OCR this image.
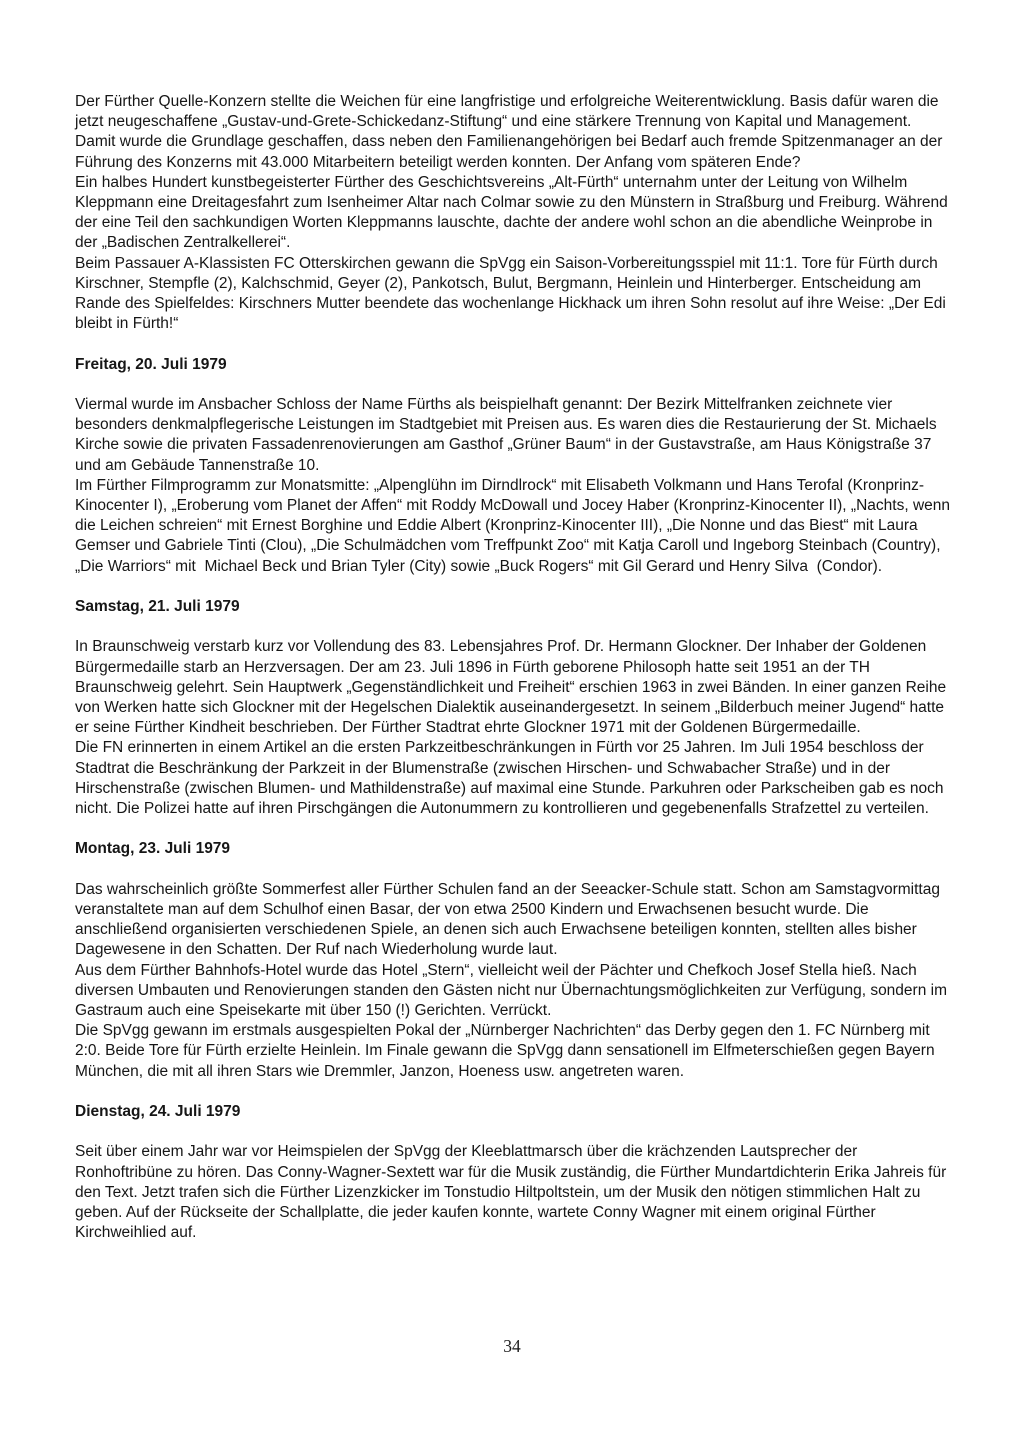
Der Fürther Quelle-Konzern stellte die Weichen für eine langfristige und erfolgreiche Weiterentwicklung. Basis dafür waren die jetzt neugeschaffene „Gustav-und-Grete-Schickedanz-Stiftung“ und eine stärkere Trennung von Kapital und Management. Damit wurde die Grundlage geschaffen, dass neben den Familienangehörigen bei Bedarf auch fremde Spitzenmanager an der Führung des Konzerns mit 43.000 Mitarbeitern beteiligt werden konnten. Der Anfang vom späteren Ende?

Ein halbes Hundert kunstbegeisterter Fürther des Geschichtsvereins „Alt-Fürth“ unternahm unter der Leitung von Wilhelm Kleppmann eine Dreitagesfahrt zum Isenheimer Altar nach Colmar sowie zu den Münstern in Straßburg und Freiburg. Während der eine Teil den sachkundigen Worten Kleppmanns lauschte, dachte der andere wohl schon an die abendliche Weinprobe in der „Badischen Zentralkellerei“.

Beim Passauer A-Klassisten FC Otterskirchen gewann die SpVgg ein Saison-Vorbereitungsspiel mit 11:1. Tore für Fürth durch Kirschner, Stempfle (2), Kalchschmid, Geyer (2), Pankotsch, Bulut, Bergmann, Heinlein und Hinterberger. Entscheidung am Rande des Spielfeldes: Kirschners Mutter beendete das wochenlange Hickhack um ihren Sohn resolut auf ihre Weise: „Der Edi bleibt in Fürth!“

Freitag, 20. Juli 1979

Viermal wurde im Ansbacher Schloss der Name Fürths als beispielhaft genannt: Der Bezirk Mittelfranken zeichnete vier besonders denkmalpflegerische Leistungen im Stadtgebiet mit Preisen aus. Es waren dies die Restaurierung der St. Michaels Kirche sowie die privaten Fassadenrenovierungen am Gasthof „Grüner Baum“ in der Gustavstraße, am Haus Königstraße 37 und am Gebäude Tannenstraße 10.

Im Fürther Filmprogramm zur Monatsmitte: „Alpenglühn im Dirndlrock“ mit Elisabeth Volkmann und Hans Terofal (Kronprinz-Kinocenter I), „Eroberung vom Planet der Affen“ mit Roddy McDowall und Jocey Haber (Kronprinz-Kinocenter II), „Nachts, wenn die Leichen schreien“ mit Ernest Borghine und Eddie Albert (Kronprinz-Kinocenter III), „Die Nonne und das Biest“ mit Laura Gemser und Gabriele Tinti (Clou), „Die Schulmädchen vom Treffpunkt Zoo“ mit Katja Caroll und Ingeborg Steinbach (Country), „Die Warriors“ mit  Michael Beck und Brian Tyler (City) sowie „Buck Rogers“ mit Gil Gerard und Henry Silva  (Condor).

Samstag, 21. Juli 1979

In Braunschweig verstarb kurz vor Vollendung des 83. Lebensjahres Prof. Dr. Hermann Glockner. Der Inhaber der Goldenen Bürgermedaille starb an Herzversagen. Der am 23. Juli 1896 in Fürth geborene Philosoph hatte seit 1951 an der TH Braunschweig gelehrt. Sein Hauptwerk „Gegenständlichkeit und Freiheit“ erschien 1963 in zwei Bänden. In einer ganzen Reihe von Werken hatte sich Glockner mit der Hegelschen Dialektik auseinandergesetzt. In seinem „Bilderbuch meiner Jugend“ hatte er seine Fürther Kindheit beschrieben. Der Fürther Stadtrat ehrte Glockner 1971 mit der Goldenen Bürgermedaille.

Die FN erinnerten in einem Artikel an die ersten Parkzeitbeschränkungen in Fürth vor 25 Jahren. Im Juli 1954 beschloss der Stadtrat die Beschränkung der Parkzeit in der Blumenstraße (zwischen Hirschen- und Schwabacher Straße) und in der Hirschenstraße (zwischen Blumen- und Mathildenstraße) auf maximal eine Stunde. Parkuhren oder Parkscheiben gab es noch nicht. Die Polizei hatte auf ihren Pirschgängen die Autonummern zu kontrollieren und gegebenenfalls Strafzettel zu verteilen.

Montag, 23. Juli 1979

Das wahrscheinlich größte Sommerfest aller Fürther Schulen fand an der Seeacker-Schule statt. Schon am Samstagvormittag veranstaltete man auf dem Schulhof einen Basar, der von etwa 2500 Kindern und Erwachsenen besucht wurde. Die anschließend organisierten verschiedenen Spiele, an denen sich auch Erwachsene beteiligen konnten, stellten alles bisher Dagewesene in den Schatten. Der Ruf nach Wiederholung wurde laut.

Aus dem Fürther Bahnhofs-Hotel wurde das Hotel „Stern“, vielleicht weil der Pächter und Chefkoch Josef Stella hieß. Nach diversen Umbauten und Renovierungen standen den Gästen nicht nur Übernachtungsmöglichkeiten zur Verfügung, sondern im Gastraum auch eine Speisekarte mit über 150 (!) Gerichten. Verrückt.

Die SpVgg gewann im erstmals ausgespielten Pokal der „Nürnberger Nachrichten“ das Derby gegen den 1. FC Nürnberg mit 2:0. Beide Tore für Fürth erzielte Heinlein. Im Finale gewann die SpVgg dann sensationell im Elfmeterschießen gegen Bayern München, die mit all ihren Stars wie Dremmler, Janzon, Hoeness usw. angetreten waren.

Dienstag, 24. Juli 1979

Seit über einem Jahr war vor Heimspielen der SpVgg der Kleeblattmarsch über die krächzenden Lautsprecher der Ronhoftribüne zu hören. Das Conny-Wagner-Sextett war für die Musik zuständig, die Fürther Mundartdichterin Erika Jahreis für den Text. Jetzt trafen sich die Fürther Lizenzkicker im Tonstudio Hiltpoltstein, um der Musik den nötigen stimmlichen Halt zu geben. Auf der Rückseite der Schallplatte, die jeder kaufen konnte, wartete Conny Wagner mit einem original Fürther Kirchweihlied auf.

34
